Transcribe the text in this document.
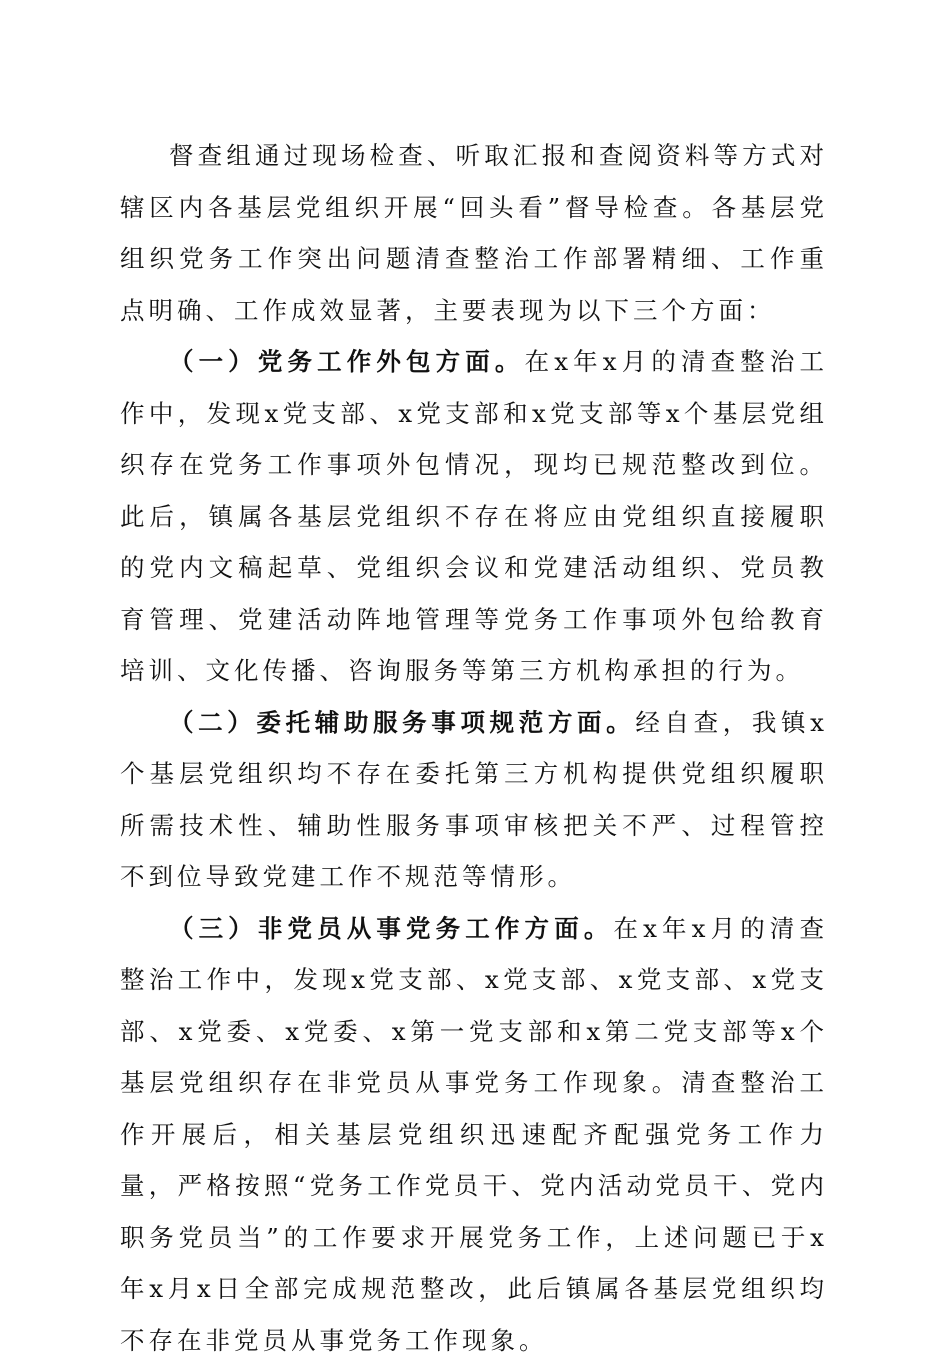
督查组通过现场检查、听取汇报和查阅资料等方式对辖区内各基层党组织开展“回头看”督导检查。各基层党组织党务工作突出问题清查整治工作部署精细、工作重点明确、工作成效显著，主要表现为以下三个方面：

（一）党务工作外包方面。在x年x月的清查整治工作中，发现x党支部、x党支部和x党支部等x个基层党组织存在党务工作事项外包情况，现均已规范整改到位。此后，镇属各基层党组织不存在将应由党组织直接履职的党内文稿起草、党组织会议和党建活动组织、党员教育管理、党建活动阵地管理等党务工作事项外包给教育培训、文化传播、咨询服务等第三方机构承担的行为。

（二）委托辅助服务事项规范方面。经自查，我镇x个基层党组织均不存在委托第三方机构提供党组织履职所需技术性、辅助性服务事项审核把关不严、过程管控不到位导致党建工作不规范等情形。

（三）非党员从事党务工作方面。在x年x月的清查整治工作中，发现x党支部、x党支部、x党支部、x党支部、x党委、x党委、x第一党支部和x第二党支部等x个基层党组织存在非党员从事党务工作现象。清查整治工作开展后，相关基层党组织迅速配齐配强党务工作力量，严格按照“党务工作党员干、党内活动党员干、党内职务党员当”的工作要求开展党务工作，上述问题已于x年x月x日全部完成规范整改，此后镇属各基层党组织均不存在非党员从事党务工作现象。
